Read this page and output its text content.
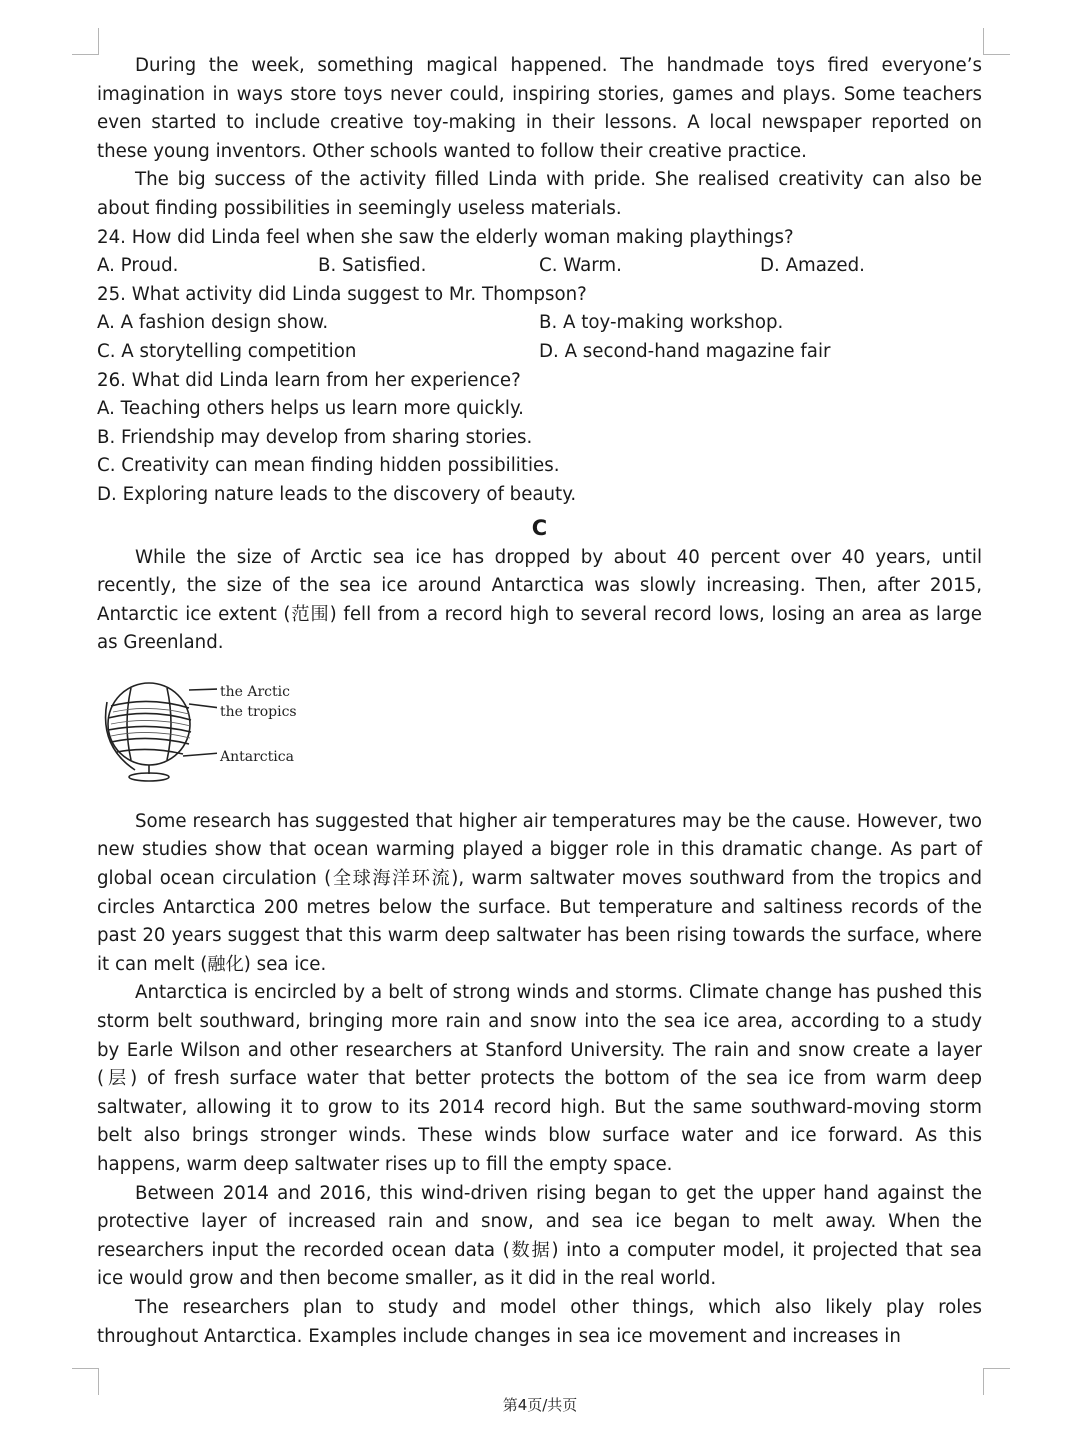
During the week, something magical happened. The handmade toys fired everyone’s imagination in ways store toys never could, inspiring stories, games and plays. Some teachers even started to include creative toy-making in their lessons. A local newspaper reported on these young inventors. Other schools wanted to follow their creative practice.

The big success of the activity filled Linda with pride. She realised creativity can also be about finding possibilities in seemingly useless materials.

24. How did Linda feel when she saw the elderly woman making playthings?

A. Proud.	B. Satisfied.	C. Warm.	D. Amazed.

25. What activity did Linda suggest to Mr. Thompson?

A. A fashion design show.	B. A toy-making workshop.
C. A storytelling competition	D. A second-hand magazine fair

26. What did Linda learn from her experience?

A. Teaching others helps us learn more quickly.

B. Friendship may develop from sharing stories.

C. Creativity can mean finding hidden possibilities.

D. Exploring nature leads to the discovery of beauty.

C

While the size of Arctic sea ice has dropped by about 40 percent over 40 years, until recently, the size of the sea ice around Antarctica was slowly increasing. Then, after 2015, Antarctic ice extent (范围) fell from a record high to several record lows, losing an area as large as Greenland.

the Arctic
the tropics
Antarctica

Some research has suggested that higher air temperatures may be the cause. However, two new studies show that ocean warming played a bigger role in this dramatic change. As part of global ocean circulation (全球海洋环流), warm saltwater moves southward from the tropics and circles Antarctica 200 metres below the surface. But temperature and saltiness records of the past 20 years suggest that this warm deep saltwater has been rising towards the surface, where it can melt (融化) sea ice.

Antarctica is encircled by a belt of strong winds and storms. Climate change has pushed this storm belt southward, bringing more rain and snow into the sea ice area, according to a study by Earle Wilson and other researchers at Stanford University. The rain and snow create a layer (层) of fresh surface water that better protects the bottom of the sea ice from warm deep saltwater, allowing it to grow to its 2014 record high. But the same southward-moving storm belt also brings stronger winds. These winds blow surface water and ice forward. As this happens, warm deep saltwater rises up to fill the empty space.

Between 2014 and 2016, this wind-driven rising began to get the upper hand against the protective layer of increased rain and snow, and sea ice began to melt away. When the researchers input the recorded ocean data (数据) into a computer model, it projected that sea ice would grow and then become smaller, as it did in the real world.

The researchers plan to study and model other things, which also likely play roles throughout Antarctica. Examples include changes in sea ice movement and increases in

第4页/共页
